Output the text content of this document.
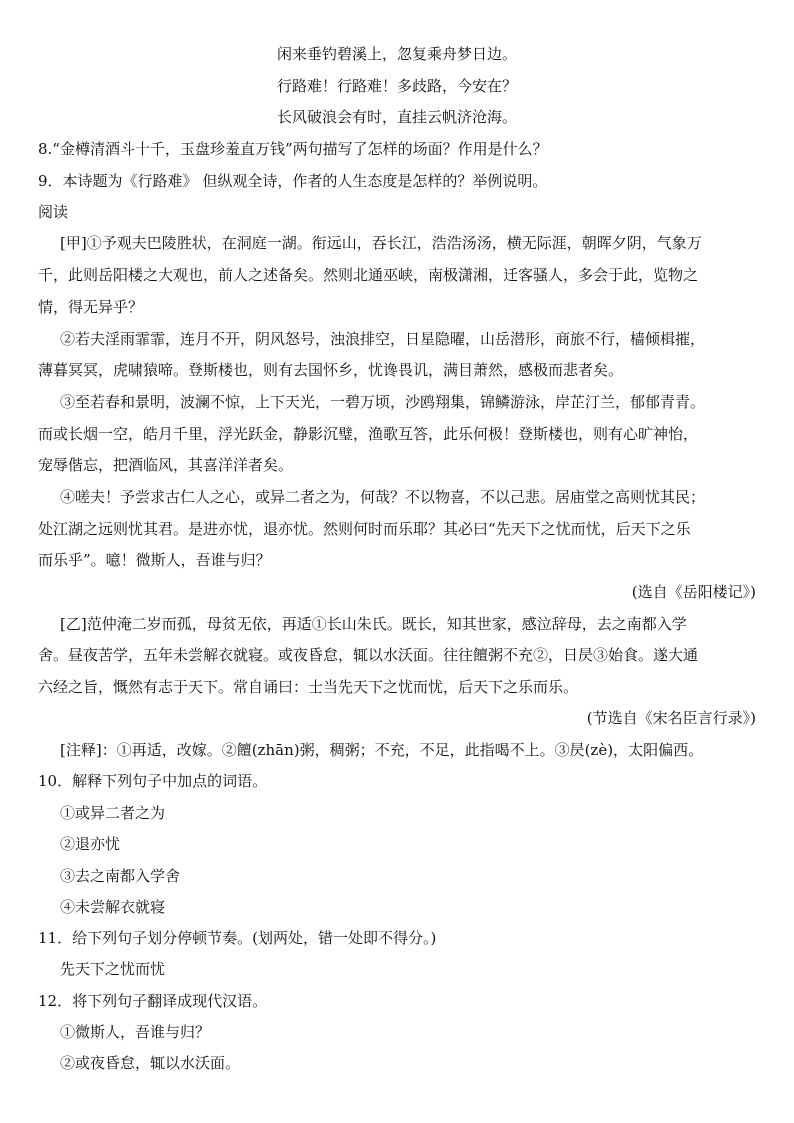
闲来垂钓碧溪上，忽复乘舟梦日边。
行路难！行路难！多歧路，今安在？
长风破浪会有时，直挂云帆济沧海。
8.“金樽清酒斗十千，玉盘珍羞直万钱”两句描写了怎样的场面？作用是什么？
9．本诗题为《行路难》 但纵观全诗，作者的人生态度是怎样的？举例说明。
阅读
[甲]①予观夫巴陵胜状，在洞庭一湖。衔远山，吞长江，浩浩汤汤，横无际涯，朝晖夕阴，气象万
千，此则岳阳楼之大观也，前人之述备矣。然则北通巫峡，南极潇湘，迁客骚人，多会于此，览物之
情，得无异乎？
②若夫淫雨霏霏，连月不开，阴风怒号，浊浪排空，日星隐曜，山岳潜形，商旅不行，樯倾楫摧，
薄暮冥冥，虎啸猿啼。登斯楼也，则有去国怀乡，忧谗畏讥，满目萧然，感极而悲者矣。
③至若春和景明，波澜不惊，上下天光，一碧万顷，沙鸥翔集，锦鳞游泳，岸芷汀兰，郁郁青青。
而或长烟一空，皓月千里，浮光跃金，静影沉璧，渔歌互答，此乐何极！登斯楼也，则有心旷神怡，
宠辱偕忘，把酒临风，其喜洋洋者矣。
④嗟夫！予尝求古仁人之心，或异二者之为，何哉？不以物喜，不以己悲。居庙堂之高则忧其民；
处江湖之远则忧其君。是进亦忧，退亦忧。然则何时而乐耶？其必曰“先天下之忧而忧，后天下之乐
而乐乎”。噫！微斯人，吾谁与归？
(选自《岳阳楼记》)
[乙]范仲淹二岁而孤，母贫无依，再适①长山朱氏。既长，知其世家，感泣辞母，去之南都入学
舍。昼夜苦学，五年未尝解衣就寝。或夜昏怠，辄以水沃面。往往饘粥不充②，日昃③始食。遂大通
六经之旨，慨然有志于天下。常自诵曰：士当先天下之忧而忧，后天下之乐而乐。
(节选自《宋名臣言行录》)
[注释]：①再适，改嫁。②饘(zhān)粥，稠粥；不充，不足，此指喝不上。③昃(zè)，太阳偏西。
10．解释下列句子中加点的词语。
①或异二者之为
②退亦忧
③去之南都入学舍
④未尝解衣就寝
11．给下列句子划分停顿节奏。(划两处，错一处即不得分。)
先天下之忧而忧
12．将下列句子翻译成现代汉语。
①微斯人，吾谁与归？
②或夜昏怠，辄以水沃面。
